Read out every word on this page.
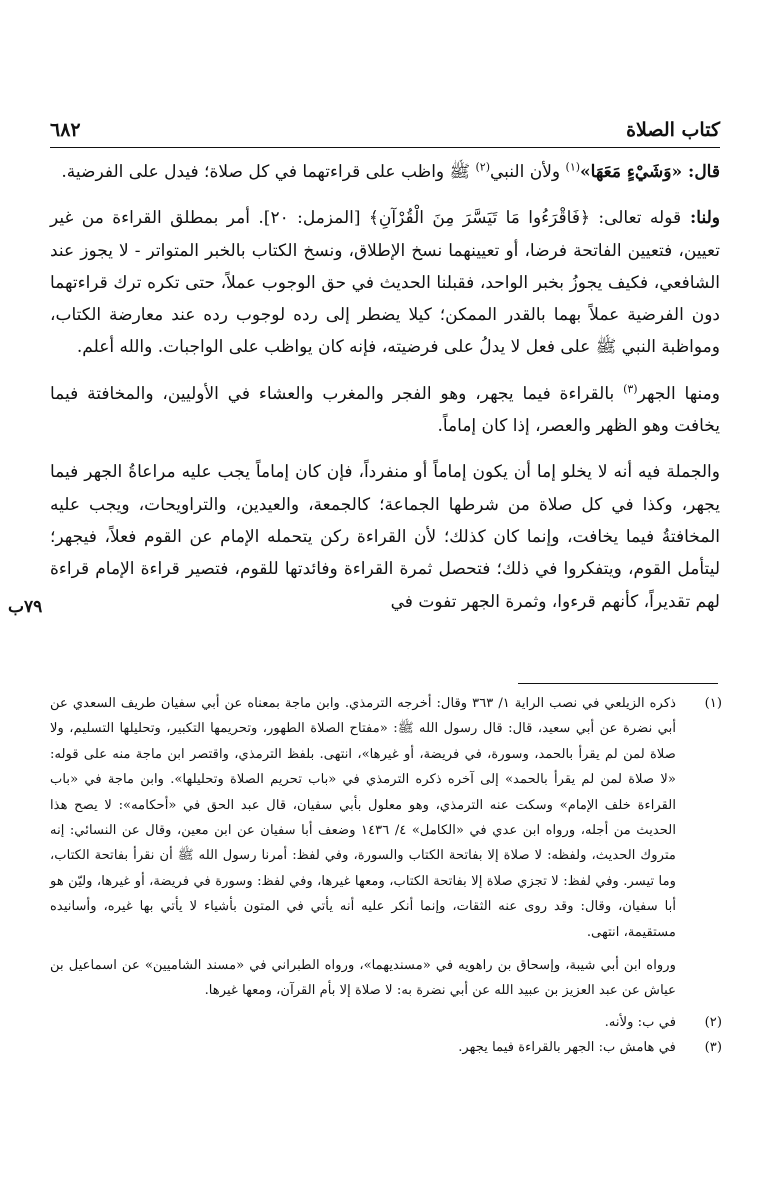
كتاب الصلاة
٦٨٢

قال: «وَشَيْءٍ مَعَهَا»$^{(١)}$ ولأن النبي$^{(٢)}$ ﷺ واظب على قراءتهما في كل صلاة؛ فيدل على الفرضية.

ولنا: قوله تعالى: ﴿فَاقْرَءُوا مَا تَيَسَّرَ مِنَ الْقُرْآنِ﴾ [المزمل: ٢٠]. أمر بمطلق القراءة من غير تعيين، فتعيين الفاتحة فرضا، أو تعيينهما نسخ الإطلاق، ونسخ الكتاب بالخبر المتواتر - لا يجوز عند الشافعي، فكيف يجوزُ بخبر الواحد، فقبلنا الحديث في حق الوجوب عملاً، حتى تكره ترك قراءتهما دون الفرضية عملاً بهما بالقدر الممكن؛ كيلا يضطر إلى رده لوجوب رده عند معارضة الكتاب، ومواظبة النبي ﷺ على فعل لا يدلُ على فرضيته، فإنه كان يواظب على الواجبات. والله أعلم.

ومنها الجهر$^{(٣)}$ بالقراءة فيما يجهر، وهو الفجر والمغرب والعشاء في الأوليين، والمخافتة فيما يخافت وهو الظهر والعصر، إذا كان إماماً.

والجملة فيه أنه لا يخلو إما أن يكون إماماً أو منفرداً، فإن كان إماماً يجب عليه مراعاةُ الجهر فيما يجهر، وكذا في كل صلاة من شرطها الجماعة؛ كالجمعة، والعيدين، والتراويحات، ويجب عليه المخافتةُ فيما يخافت، وإنما كان كذلك؛ لأن القراءة ركن يتحمله الإمام عن القوم فعلاً، فيجهر؛ ليتأمل القوم، ويتفكروا في ذلك؛ فتحصل ثمرة القراءة وفائدتها للقوم، فتصير قراءة الإمام قراءة لهم تقديراً، كأنهم قرءوا، وثمرة الجهر تفوت في

٧٩ب
(١)
ذكره الزيلعي في نصب الراية ١/ ٣٦٣ وقال: أخرجه الترمذي. وابن ماجة بمعناه عن أبي سفيان طريف السعدي عن أبي نضرة عن أبي سعيد، قال: قال رسول الله ﷺ: «مفتاح الصلاة الطهور، وتحريمها التكبير، وتحليلها التسليم، ولا صلاة لمن لم يقرأ بالحمد، وسورة، في فريضة، أو غيرها»، انتهى. بلفظ الترمذي، واقتصر ابن ماجة منه على قوله: «لا صلاة لمن لم يقرأ بالحمد» إلى آخره ذكره الترمذي في «باب تحريم الصلاة وتحليلها». وابن ماجة في «باب القراءة خلف الإمام» وسكت عنه الترمذي، وهو معلول بأبي سفيان، قال عبد الحق في «أحكامه»: لا يصح هذا الحديث من أجله، ورواه ابن عدي في «الكامل» ٤/ ١٤٣٦ وضعف أبا سفيان عن ابن معين، وقال عن النسائي: إنه متروك الحديث، ولفظه: لا صلاة إلا بفاتحة الكتاب والسورة، وفي لفظ: أمرنا رسول الله ﷺ أن نقرأ بفاتحة الكتاب، وما تيسر. وفي لفظ: لا تجزي صلاة إلا بفاتحة الكتاب، ومعها غيرها، وفي لفظ: وسورة في فريضة، أو غيرها، وليّن هو أبا سفيان، وقال: وقد روى عنه الثقات، وإنما أنكر عليه أنه يأتي في المتون بأشياء لا يأتي بها غيره، وأسانيده مستقيمة، انتهى.
ورواه ابن أبي شيبة، وإسحاق بن راهويه في «مسنديهما»، ورواه الطبراني في «مسند الشاميين» عن اسماعيل بن عياش عن عبد العزيز بن عبيد الله عن أبي نضرة به: لا صلاة إلا بأم القرآن، ومعها غيرها.
(٢)
في ب: ولأنه.
(٣)
في هامش ب: الجهر بالقراءة فيما يجهر.
